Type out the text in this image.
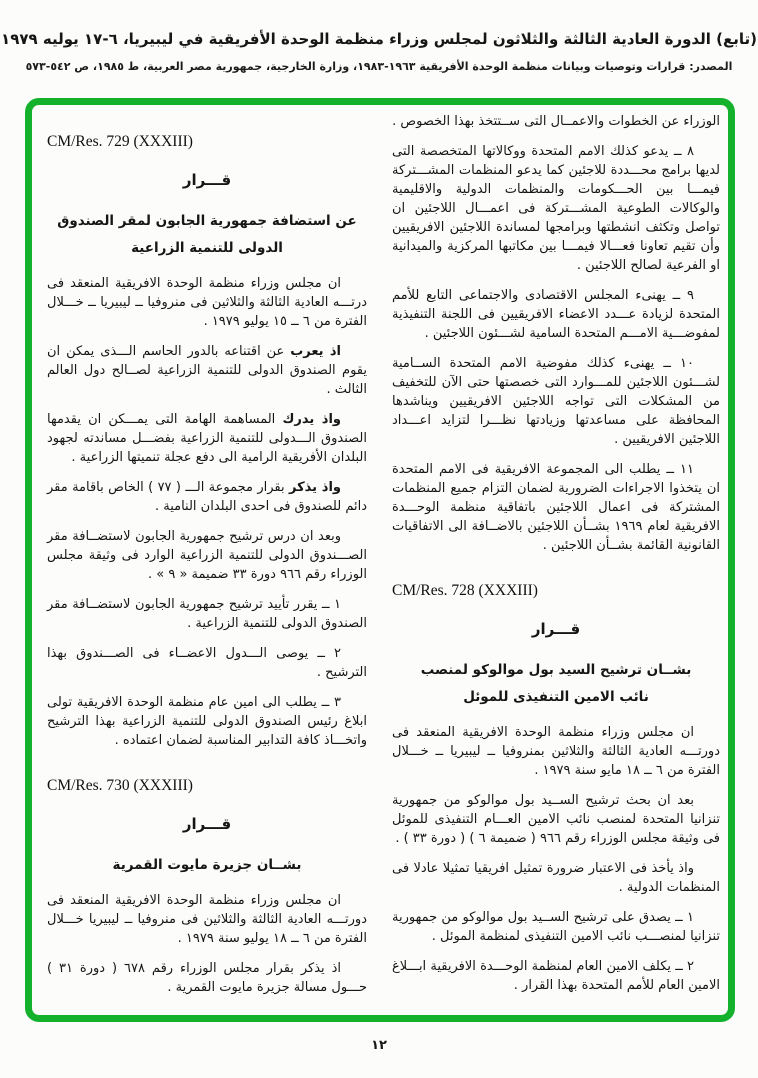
(تابع) الدورة العادية الثالثة والثلاثون لمجلس وزراء منظمة الوحدة الأفريقية في ليبيريا، ٦-١٧ يوليه ١٩٧٩
المصدر: قرارات وتوصيات وبيانات منظمة الوحدة الأفريقية ١٩٦٣-١٩٨٣، وزارة الخارجية، جمهورية مصر العربية، ط ١٩٨٥، ص ٥٤٢-٥٧٣

الوزراء عن الخطوات والاعمــال التى ســتتخذ بهذا الخصوص .

٨ ــ يدعو كذلك الامم المتحدة ووكالاتها المتخصصة التى لديها برامج محـــددة للاجئين كما يدعو المنظمات المشـــتركة فيمـــا بين الحـــكومات والمنظمات الدولية والاقليمية والوكالات الطوعية المشـــتركة فى اعمـــال اللاجئين ان تواصل وتكثف انشطتها وبرامجها لمساندة اللاجئين الافريقيين وأن تقيم تعاونا فعـــالا فيمـــا بين مكاتبها المركزية والميدانية او الفرعية لصالح اللاجئين .

٩ ــ يهنىء المجلس الاقتصادى والاجتماعى التابع للأمم المتحدة لزيادة عـــدد الاعضاء الافريقيين فى اللجنة التنفيذية لمفوضـــية الامـــم المتحدة السامية لشـــئون اللاجئين .

١٠ ــ يهنىء كذلك مفوضية الامم المتحدة الســامية لشـــئون اللاجئين للمـــوارد التى خصصتها حتى الآن للتخفيف من المشكلات التى تواجه اللاجئين الافريقيين ويناشدها المحافظة على مساعدتها وزيادتها نظـــرا لتزايد اعـــداد اللاجئين الافريقيين .

١١ ــ يطلب الى المجموعة الافريقية فى الامم المتحدة ان يتخذوا الاجراءات الضرورية لضمان التزام جميع المنظمات المشتركة فى اعمال اللاجئين باتفاقية منظمة الوحـــدة الافريقية لعام ١٩٦٩ بشــأن اللاجئين بالاضــافة الى الاتفاقيات القانونية القائمة بشــأن اللاجئين .

CM/Res. 728 (XXXIII)
قـــرار
بشــان ترشيح السيد بول موالوكو لمنصب
نائب الامين التنفيذى للموئل

ان مجلس وزراء منظمة الوحدة الافريقية المنعقد فى دورتـــه العادية الثالثة والثلاثين بمنروفيا ــ ليبيريا ــ خـــلال الفترة من ٦ ــ ١٨ مايو سنة ١٩٧٩ .

بعد ان بحث ترشيح الســيد بول موالوكو من جمهورية تنزانيا المتحدة لمنصب نائب الامين العـــام التنفيذى للموئل فى وثيقة مجلس الوزراء رقم ٩٦٦ ( ضميمة ٦ ) ( دورة ٣٣ ) .

واذ يأخذ فى الاعتبار ضرورة تمثيل افريقيا تمثيلا عادلا فى المنظمات الدولية .

١ ــ يصدق على ترشيح الســيد بول موالوكو من جمهورية تنزانيا لمنصـــب نائب الامين التنفيذى لمنظمة الموئل .

٢ ــ يكلف الامين العام لمنظمة الوحـــدة الافريقية ابـــلاغ الامين العام للأمم المتحدة بهذا القرار .

CM/Res. 729 (XXXIII)
قـــرار
عن استضافة جمهورية الجابون لمقر الصندوق
الدولى للتنمية الزراعية

ان مجلس وزراء منظمة الوحدة الافريقية المنعقد فى درتـــه العادية الثالثة والثلاثين فى منروفيا ــ ليبيريا ــ خـــلال الفترة من ٦ ــ ١٥ يوليو ١٩٧٩ .

اذ يعرب عن اقتناعه بالدور الحاسم الـــذى يمكن ان يقوم الصندوق الدولى للتنمية الزراعية لصــالح دول العالم الثالث .

واذ يدرك المساهمة الهامة التى يمـــكن ان يقدمها الصندوق الـــدولى للتنمية الزراعية بفضـــل مساندته لجهود البلدان الأفريقية الرامية الى دفع عجلة تنميتها الزراعية .

واذ يذكر بقرار مجموعة الـــ ( ٧٧ ) الخاص باقامة مقر دائم للصندوق فى احدى البلدان النامية .

وبعد ان درس ترشيح جمهورية الجابون لاستضــافة مقر الصـــندوق الدولى للتنمية الزراعية الوارد فى وثيقة مجلس الوزراء رقم ٩٦٦ دورة ٣٣ ضميمة « ٩ » .

١ ــ يقرر تأييد ترشيح جمهورية الجابون لاستضــافة مقر الصندوق الدولى للتنمية الزراعية .

٢ ــ يوصى الـــدول الاعضــاء فى الصـــندوق بهذا الترشيح .

٣ ــ يطلب الى امين عام منظمة الوحدة الافريقية تولى ابلاغ رئيس الصندوق الدولى للتنمية الزراعية بهذا الترشيح واتخـــاذ كافة التدابير المناسبة لضمان اعتماده .

CM/Res. 730 (XXXIII)
قـــرار
بشــان جزيرة مايوت القمرية

ان مجلس وزراء منظمة الوحدة الافريقية المنعقد فى دورتـــه العادية الثالثة والثلاثين فى منروفيا ــ ليبيريا خـــلال الفترة من ٦ ــ ١٨ يوليو سنة ١٩٧٩ .

اذ يذكر بقرار مجلس الوزراء رقم ٦٧٨ ( دورة ٣١ ) حـــول مسالة جزيرة مايوت القمرية .

١٢
